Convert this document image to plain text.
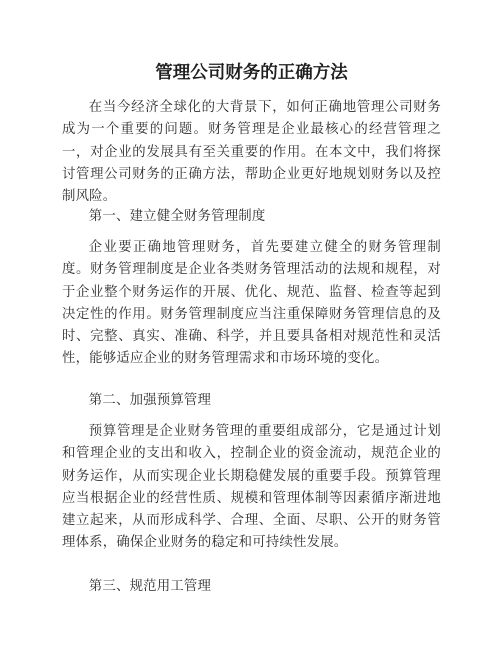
管理公司财务的正确方法

在当今经济全球化的大背景下，如何正确地管理公司财务成为一个重要的问题。财务管理是企业最核心的经营管理之一，对企业的发展具有至关重要的作用。在本文中，我们将探讨管理公司财务的正确方法，帮助企业更好地规划财务以及控制风险。

第一、建立健全财务管理制度

企业要正确地管理财务，首先要建立健全的财务管理制度。财务管理制度是企业各类财务管理活动的法规和规程，对于企业整个财务运作的开展、优化、规范、监督、检查等起到决定性的作用。财务管理制度应当注重保障财务管理信息的及时、完整、真实、准确、科学，并且要具备相对规范性和灵活性，能够适应企业的财务管理需求和市场环境的变化。

第二、加强预算管理

预算管理是企业财务管理的重要组成部分，它是通过计划和管理企业的支出和收入，控制企业的资金流动，规范企业的财务运作，从而实现企业长期稳健发展的重要手段。预算管理应当根据企业的经营性质、规模和管理体制等因素循序渐进地建立起来，从而形成科学、合理、全面、尽职、公开的财务管理体系，确保企业财务的稳定和可持续性发展。

第三、规范用工管理
